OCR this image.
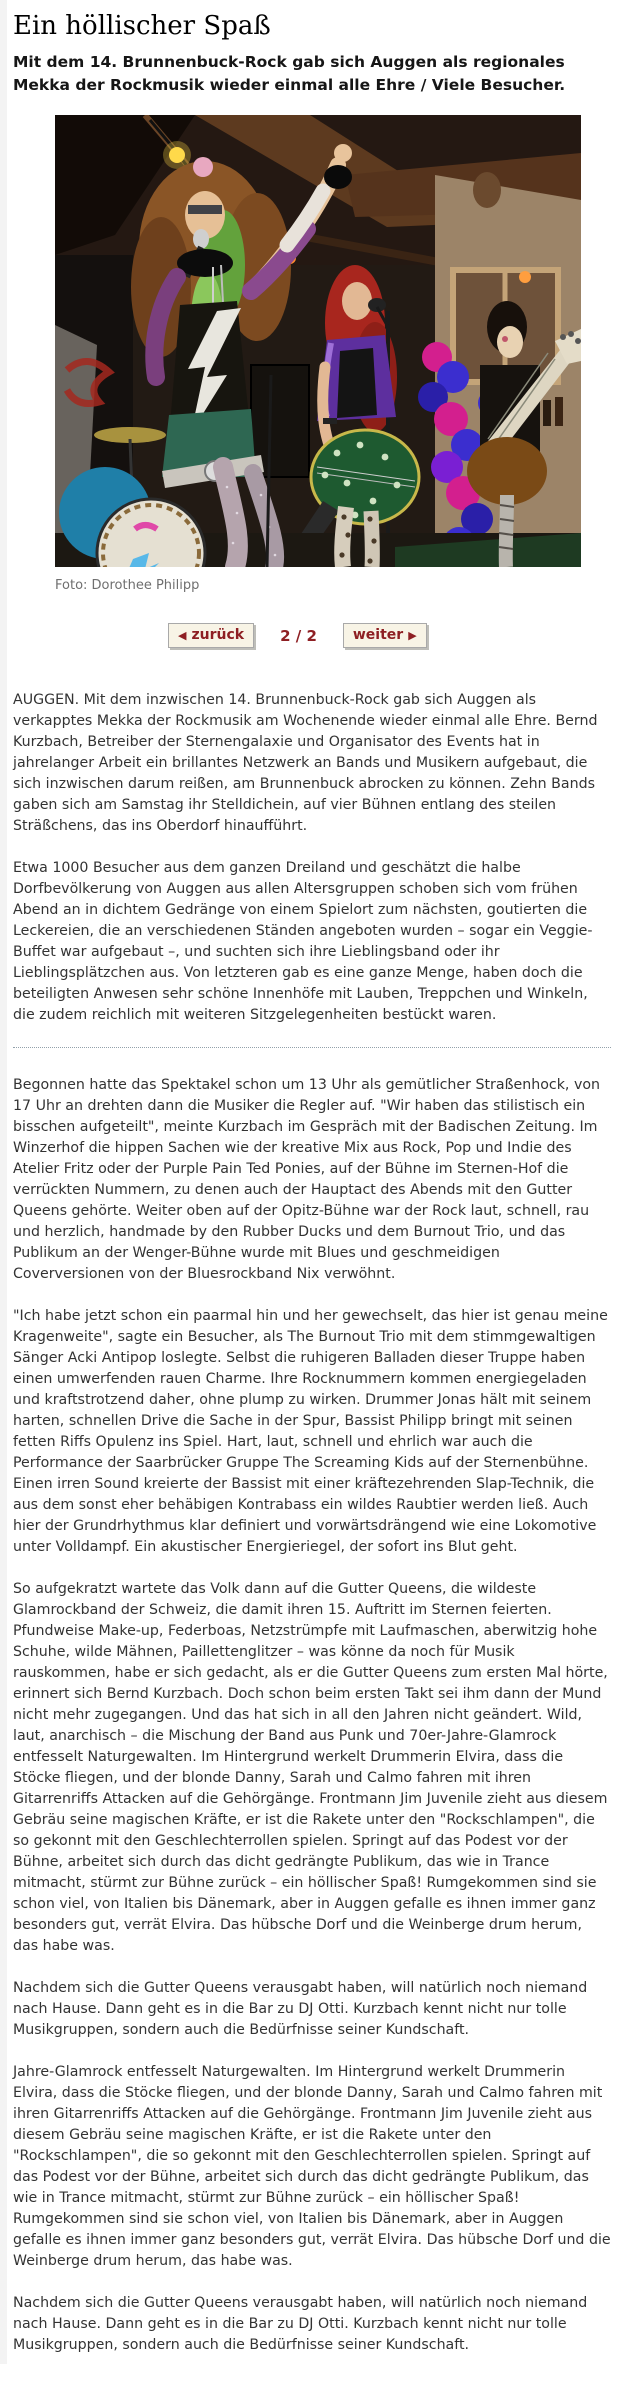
Ein höllischer Spaß
Mit dem 14. Brunnenbuck-Rock gab sich Auggen als regionales Mekka der Rockmusik wieder einmal alle Ehre / Viele Besucher.
Foto: Dorothee Philipp
◀ zurück 2 / 2	weiter ▶

AUGGEN. Mit dem inzwischen 14. Brunnenbuck-Rock gab sich Auggen als verkapptes Mekka der Rockmusik am Wochenende wieder einmal alle Ehre. Bernd Kurzbach, Betreiber der Sternengalaxie und Organisator des Events hat in jahrelanger Arbeit ein brillantes Netzwerk an Bands und Musikern aufgebaut, die sich inzwischen darum reißen, am Brunnenbuck abrocken zu können. Zehn Bands gaben sich am Samstag ihr Stelldichein, auf vier Bühnen entlang des steilen Sträßchens, das ins Oberdorf hinaufführt.

Etwa 1000 Besucher aus dem ganzen Dreiland und geschätzt die halbe Dorfbevölkerung von Auggen aus allen Altersgruppen schoben sich vom frühen Abend an in dichtem Gedränge von einem Spielort zum nächsten, goutierten die Leckereien, die an verschiedenen Ständen angeboten wurden – sogar ein Veggie-Buffet war aufgebaut –, und suchten sich ihre Lieblingsband oder ihr Lieblingsplätzchen aus. Von letzteren gab es eine ganze Menge, haben doch die beteiligten Anwesen sehr schöne Innenhöfe mit Lauben, Treppchen und Winkeln, die zudem reichlich mit weiteren Sitzgelegenheiten bestückt waren.

Begonnen hatte das Spektakel schon um 13 Uhr als gemütlicher Straßenhock, von 17 Uhr an drehten dann die Musiker die Regler auf. "Wir haben das stilistisch ein bisschen aufgeteilt", meinte Kurzbach im Gespräch mit der Badischen Zeitung. Im Winzerhof die hippen Sachen wie der kreative Mix aus Rock, Pop und Indie des Atelier Fritz oder der Purple Pain Ted Ponies, auf der Bühne im Sternen-Hof die verrückten Nummern, zu denen auch der Hauptact des Abends mit den Gutter Queens gehörte. Weiter oben auf der Opitz-Bühne war der Rock laut, schnell, rau und herzlich, handmade by den Rubber Ducks und dem Burnout Trio, und das Publikum an der Wenger-Bühne wurde mit Blues und geschmeidigen Coverversionen von der Bluesrockband Nix verwöhnt.

"Ich habe jetzt schon ein paarmal hin und her gewechselt, das hier ist genau meine Kragenweite", sagte ein Besucher, als The Burnout Trio mit dem stimmgewaltigen Sänger Acki Antipop loslegte. Selbst die ruhigeren Balladen dieser Truppe haben einen umwerfenden rauen Charme. Ihre Rocknummern kommen energiegeladen und kraftstrotzend daher, ohne plump zu wirken. Drummer Jonas hält mit seinem harten, schnellen Drive die Sache in der Spur, Bassist Philipp bringt mit seinen fetten Riffs Opulenz ins Spiel. Hart, laut, schnell und ehrlich war auch die Performance der Saarbrücker Gruppe The Screaming Kids auf der Sternenbühne. Einen irren Sound kreierte der Bassist mit einer kräftezehrenden Slap-Technik, die aus dem sonst eher behäbigen Kontrabass ein wildes Raubtier werden ließ. Auch hier der Grundrhythmus klar definiert und vorwärtsdrängend wie eine Lokomotive unter Volldampf. Ein akustischer Energieriegel, der sofort ins Blut geht.

So aufgekratzt wartete das Volk dann auf die Gutter Queens, die wildeste Glamrockband der Schweiz, die damit ihren 15. Auftritt im Sternen feierten. Pfundweise Make-up, Federboas, Netzstrümpfe mit Laufmaschen, aberwitzig hohe Schuhe, wilde Mähnen, Paillettenglitzer – was könne da noch für Musik rauskommen, habe er sich gedacht, als er die Gutter Queens zum ersten Mal hörte, erinnert sich Bernd Kurzbach. Doch schon beim ersten Takt sei ihm dann der Mund nicht mehr zugegangen. Und das hat sich in all den Jahren nicht geändert. Wild, laut, anarchisch – die Mischung der Band aus Punk und 70er-Jahre-Glamrock entfesselt Naturgewalten. Im Hintergrund werkelt Drummerin Elvira, dass die Stöcke fliegen, und der blonde Danny, Sarah und Calmo fahren mit ihren Gitarrenriffs Attacken auf die Gehörgänge. Frontmann Jim Juvenile zieht aus diesem Gebräu seine magischen Kräfte, er ist die Rakete unter den "Rockschlampen", die so gekonnt mit den Geschlechterrollen spielen. Springt auf das Podest vor der Bühne, arbeitet sich durch das dicht gedrängte Publikum, das wie in Trance mitmacht, stürmt zur Bühne zurück – ein höllischer Spaß! Rumgekommen sind sie schon viel, von Italien bis Dänemark, aber in Auggen gefalle es ihnen immer ganz besonders gut, verrät Elvira. Das hübsche Dorf und die Weinberge drum herum, das habe was.

Nachdem sich die Gutter Queens verausgabt haben, will natürlich noch niemand nach Hause. Dann geht es in die Bar zu DJ Otti. Kurzbach kennt nicht nur tolle Musikgruppen, sondern auch die Bedürfnisse seiner Kundschaft.

Jahre-Glamrock entfesselt Naturgewalten. Im Hintergrund werkelt Drummerin Elvira, dass die Stöcke fliegen, und der blonde Danny, Sarah und Calmo fahren mit ihren Gitarrenriffs Attacken auf die Gehörgänge. Frontmann Jim Juvenile zieht aus diesem Gebräu seine magischen Kräfte, er ist die Rakete unter den "Rockschlampen", die so gekonnt mit den Geschlechterrollen spielen. Springt auf das Podest vor der Bühne, arbeitet sich durch das dicht gedrängte Publikum, das wie in Trance mitmacht, stürmt zur Bühne zurück – ein höllischer Spaß! Rumgekommen sind sie schon viel, von Italien bis Dänemark, aber in Auggen gefalle es ihnen immer ganz besonders gut, verrät Elvira. Das hübsche Dorf und die Weinberge drum herum, das habe was.

Nachdem sich die Gutter Queens verausgabt haben, will natürlich noch niemand nach Hause. Dann geht es in die Bar zu DJ Otti. Kurzbach kennt nicht nur tolle Musikgruppen, sondern auch die Bedürfnisse seiner Kundschaft.
